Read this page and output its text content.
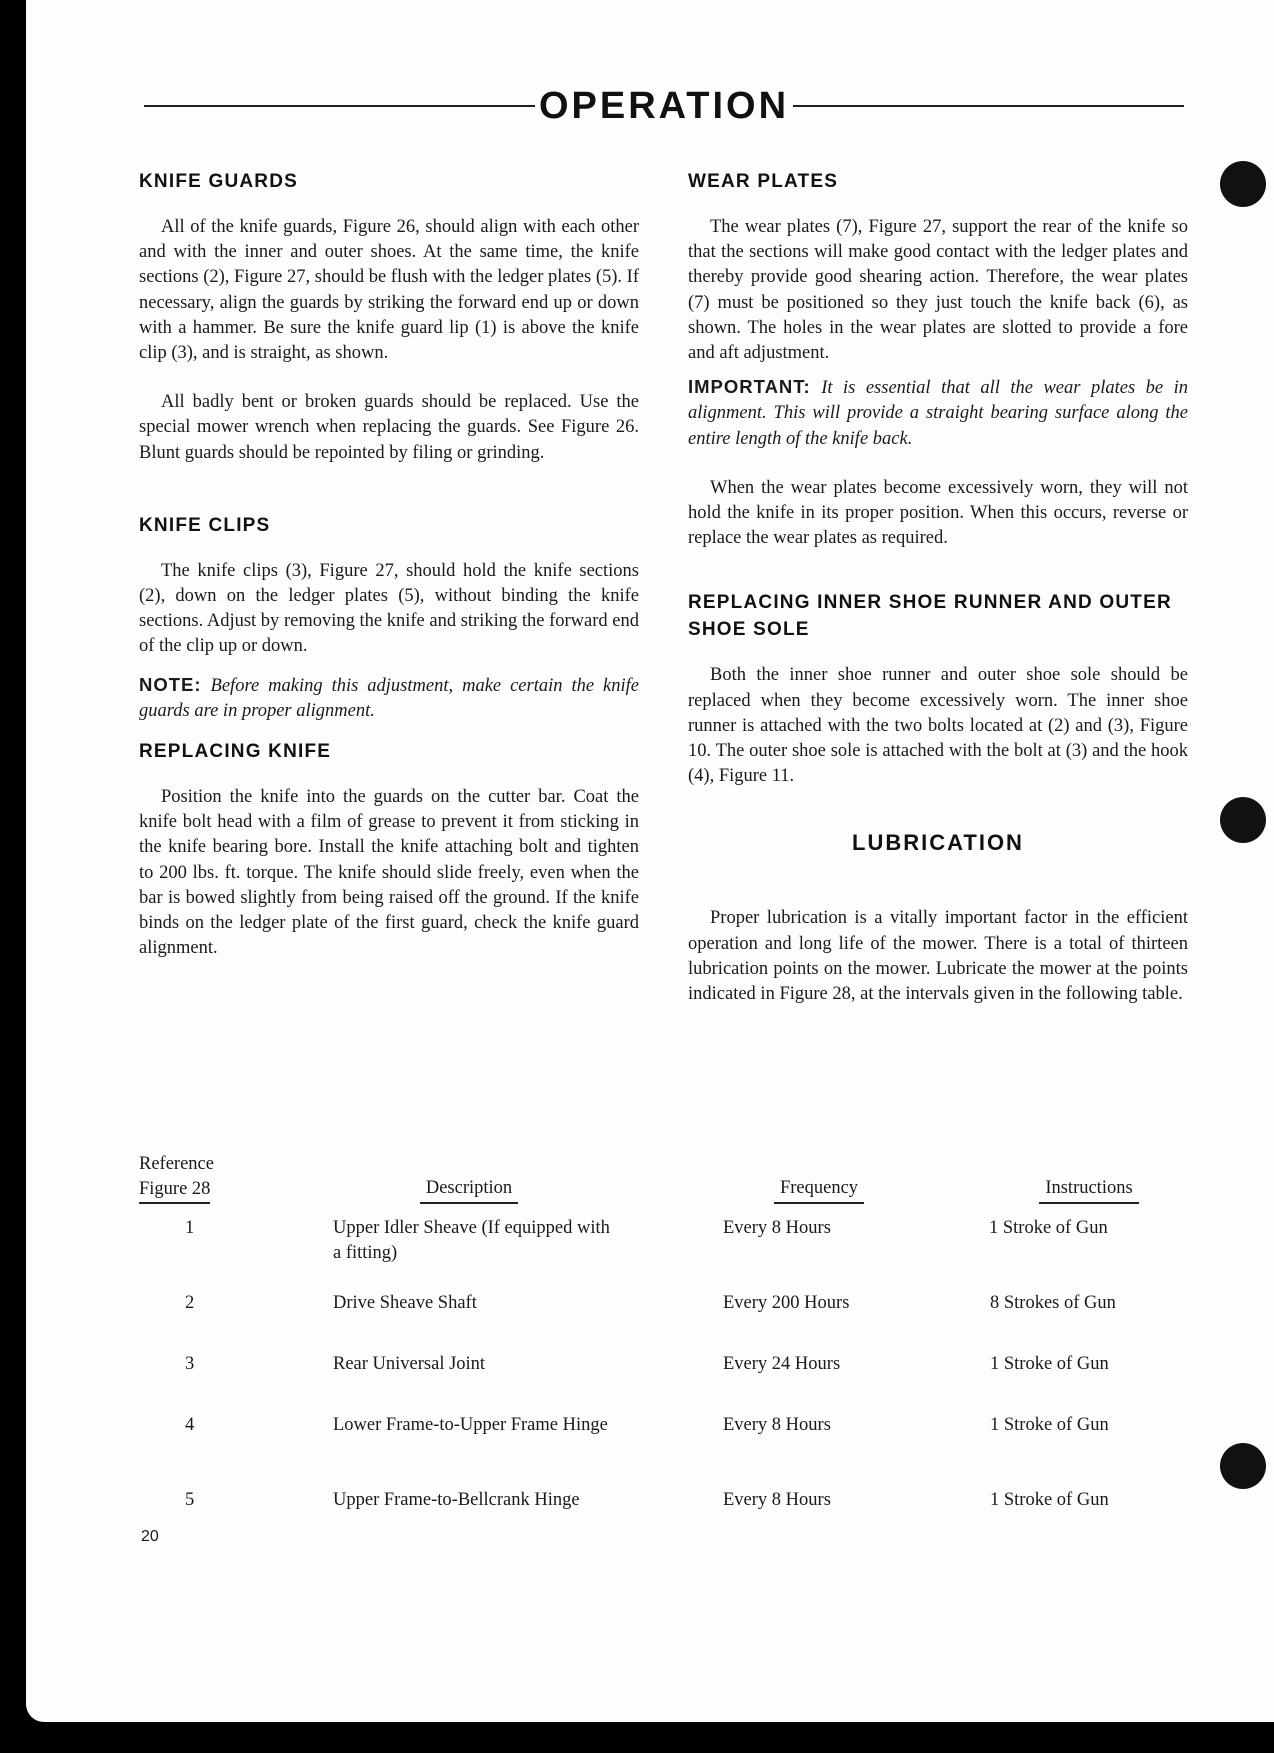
OPERATION
KNIFE GUARDS

All of the knife guards, Figure 26, should align with each other and with the inner and outer shoes. At the same time, the knife sections (2), Figure 27, should be flush with the ledger plates (5). If necessary, align the guards by striking the forward end up or down with a hammer. Be sure the knife guard lip (1) is above the knife clip (3), and is straight, as shown.

All badly bent or broken guards should be replaced. Use the special mower wrench when replacing the guards. See Figure 26. Blunt guards should be repointed by filing or grinding.

KNIFE CLIPS

The knife clips (3), Figure 27, should hold the knife sections (2), down on the ledger plates (5), without binding the knife sections. Adjust by removing the knife and striking the forward end of the clip up or down.

NOTE: Before making this adjustment, make certain the knife guards are in proper alignment.

REPLACING KNIFE

Position the knife into the guards on the cutter bar. Coat the knife bolt head with a film of grease to prevent it from sticking in the knife bearing bore. Install the knife attaching bolt and tighten to 200 lbs. ft. torque. The knife should slide freely, even when the bar is bowed slightly from being raised off the ground. If the knife binds on the ledger plate of the first guard, check the knife guard alignment.

WEAR PLATES

The wear plates (7), Figure 27, support the rear of the knife so that the sections will make good contact with the ledger plates and thereby provide good shearing action. Therefore, the wear plates (7) must be positioned so they just touch the knife back (6), as shown. The holes in the wear plates are slotted to provide a fore and aft adjustment.

IMPORTANT: It is essential that all the wear plates be in alignment. This will provide a straight bearing surface along the entire length of the knife back.

When the wear plates become excessively worn, they will not hold the knife in its proper position. When this occurs, reverse or replace the wear plates as required.

REPLACING INNER SHOE RUNNER AND OUTER SHOE SOLE

Both the inner shoe runner and outer shoe sole should be replaced when they become excessively worn. The inner shoe runner is attached with the two bolts located at (2) and (3), Figure 10. The outer shoe sole is attached with the bolt at (3) and the hook (4), Figure 11.

LUBRICATION

Proper lubrication is a vitally important factor in the efficient operation and long life of the mower. There is a total of thirteen lubrication points on the mower. Lubricate the mower at the points indicated in Figure 28, at the intervals given in the following table.

Reference
Figure 28	Description		Frequency		Instructions
1	Upper Idler Sheave (If equipped with a fitting)		Every 8 Hours		1 Stroke of Gun
2	Drive Sheave Shaft		Every 200 Hours		8 Strokes of Gun
3	Rear Universal Joint		Every 24 Hours		1 Stroke of Gun
4	Lower Frame-to-Upper Frame Hinge		Every 8 Hours		1 Stroke of Gun
5	Upper Frame-to-Bellcrank Hinge		Every 8 Hours		1 Stroke of Gun
20
